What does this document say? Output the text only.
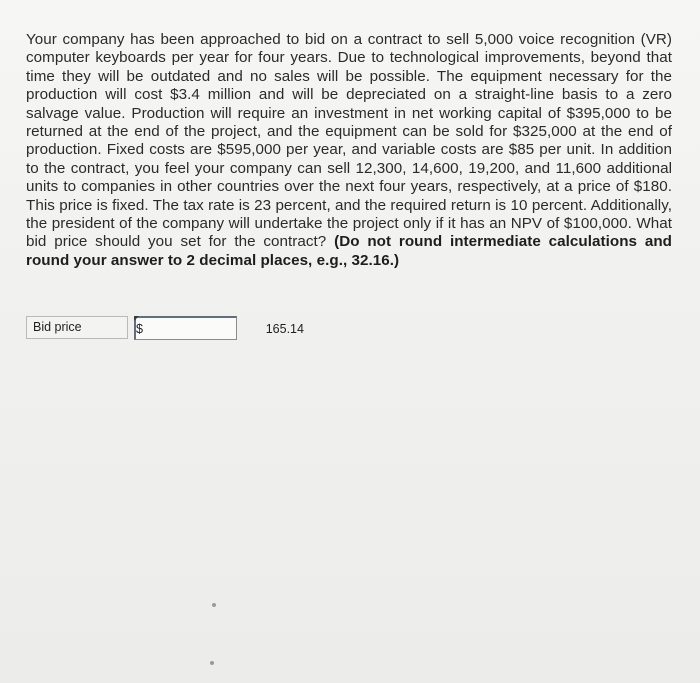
Your company has been approached to bid on a contract to sell 5,000 voice recognition (VR) computer keyboards per year for four years. Due to technological improvements, beyond that time they will be outdated and no sales will be possible. The equipment necessary for the production will cost $3.4 million and will be depreciated on a straight-line basis to a zero salvage value. Production will require an investment in net working capital of $395,000 to be returned at the end of the project, and the equipment can be sold for $325,000 at the end of production. Fixed costs are $595,000 per year, and variable costs are $85 per unit. In addition to the contract, you feel your company can sell 12,300, 14,600, 19,200, and 11,600 additional units to companies in other countries over the next four years, respectively, at a price of $180. This price is fixed. The tax rate is 23 percent, and the required return is 10 percent. Additionally, the president of the company will undertake the project only if it has an NPV of $100,000. What bid price should you set for the contract? (Do not round intermediate calculations and round your answer to 2 decimal places, e.g., 32.16.)

Bid price	$
165.14
